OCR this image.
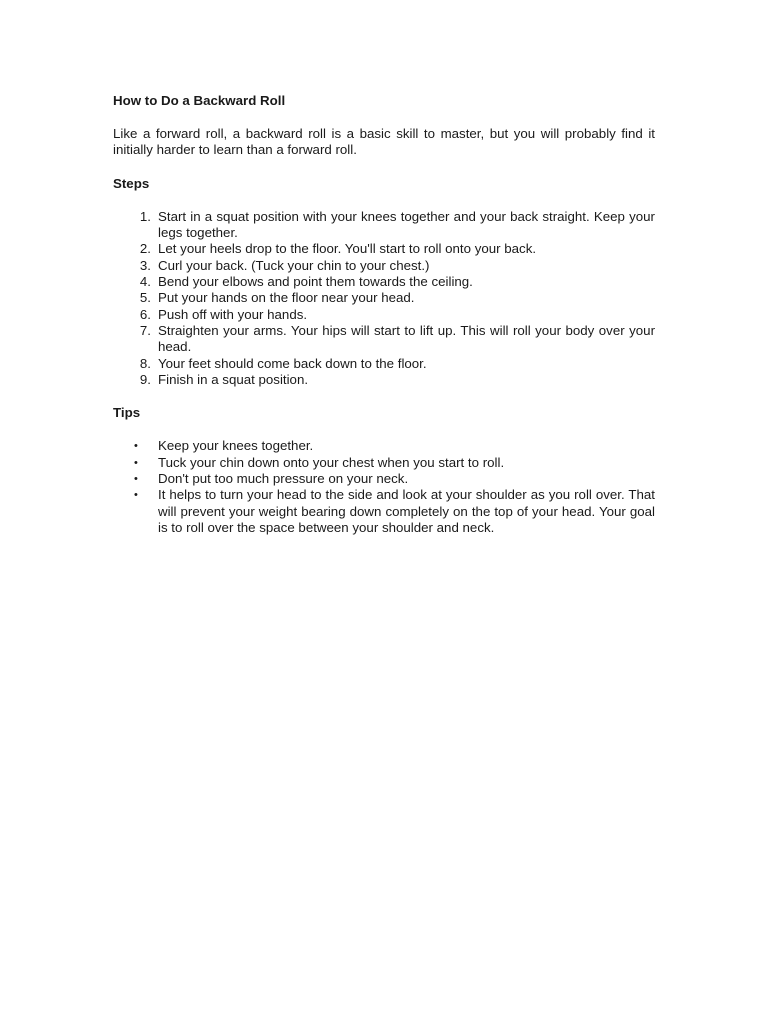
How to Do a Backward Roll

Like a forward roll, a backward roll is a basic skill to master, but you will probably find it initially harder to learn than a forward roll.

Steps
1. Start in a squat position with your knees together and your back straight. Keep your legs together.
2. Let your heels drop to the floor. You'll start to roll onto your back.
3. Curl your back. (Tuck your chin to your chest.)
4. Bend your elbows and point them towards the ceiling.
5. Put your hands on the floor near your head.
6. Push off with your hands.
7. Straighten your arms. Your hips will start to lift up. This will roll your body over your head.
8. Your feet should come back down to the floor.
9. Finish in a squat position.
Tips
• Keep your knees together.
• Tuck your chin down onto your chest when you start to roll.
• Don't put too much pressure on your neck.
• It helps to turn your head to the side and look at your shoulder as you roll over. That will prevent your weight bearing down completely on the top of your head. Your goal is to roll over the space between your shoulder and neck.
